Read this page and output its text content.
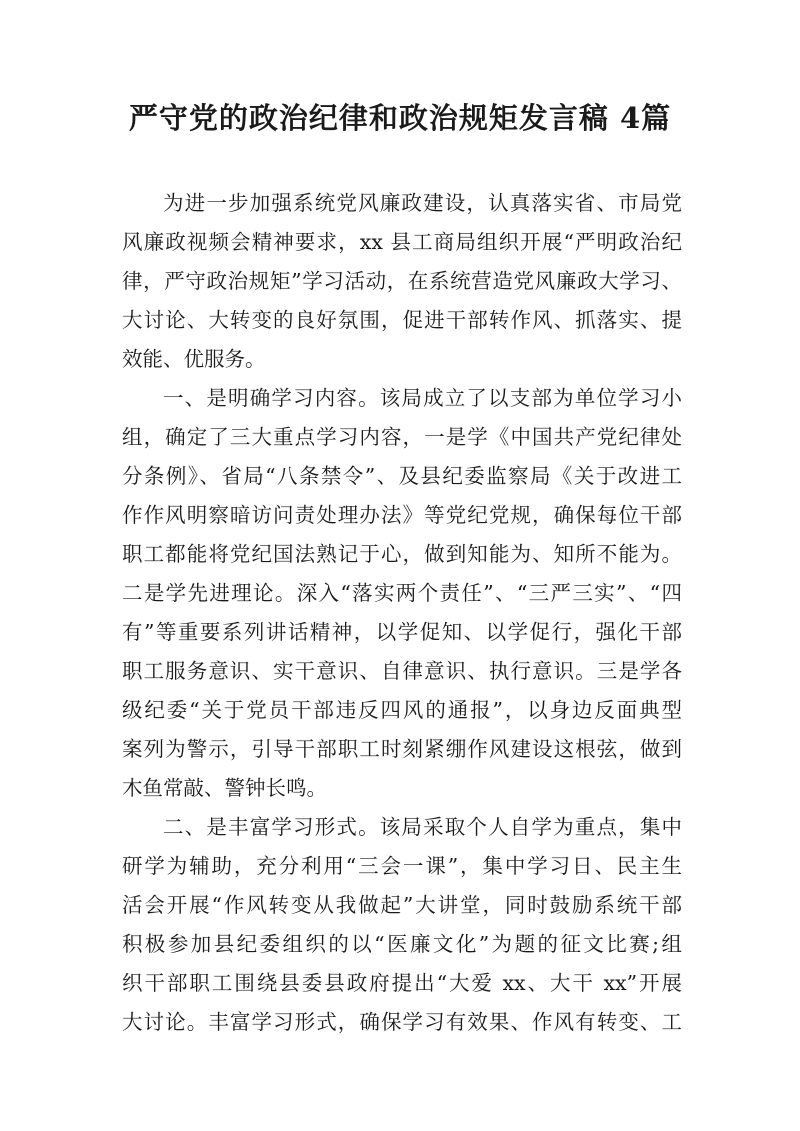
严守党的政治纪律和政治规矩发言稿 4篇

为进一步加强系统党风廉政建设，认真落实省、市局党
风廉政视频会精神要求，xx 县工商局组织开展“严明政治纪
律，严守政治规矩”学习活动，在系统营造党风廉政大学习、
大讨论、大转变的良好氛围，促进干部转作风、抓落实、提
效能、优服务。

一、是明确学习内容。该局成立了以支部为单位学习小
组，确定了三大重点学习内容，一是学《中国共产党纪律处
分条例》、省局“八条禁令”、及县纪委监察局《关于改进工
作作风明察暗访问责处理办法》等党纪党规，确保每位干部
职工都能将党纪国法熟记于心，做到知能为、知所不能为。
二是学先进理论。深入“落实两个责任”、“三严三实”、“四
有”等重要系列讲话精神，以学促知、以学促行，强化干部
职工服务意识、实干意识、自律意识、执行意识。三是学各
级纪委“关于党员干部违反四风的通报”，以身边反面典型
案列为警示，引导干部职工时刻紧绷作风建设这根弦，做到
木鱼常敲、警钟长鸣。

二、是丰富学习形式。该局采取个人自学为重点，集中
研学为辅助，充分利用“三会一课”，集中学习日、民主生
活会开展“作风转变从我做起”大讲堂，同时鼓励系统干部
积极参加县纪委组织的以“医廉文化”为题的征文比赛;组
织干部职工围绕县委县政府提出“大爱 xx、大干 xx”开展
大讨论。丰富学习形式，确保学习有效果、作风有转变、工
